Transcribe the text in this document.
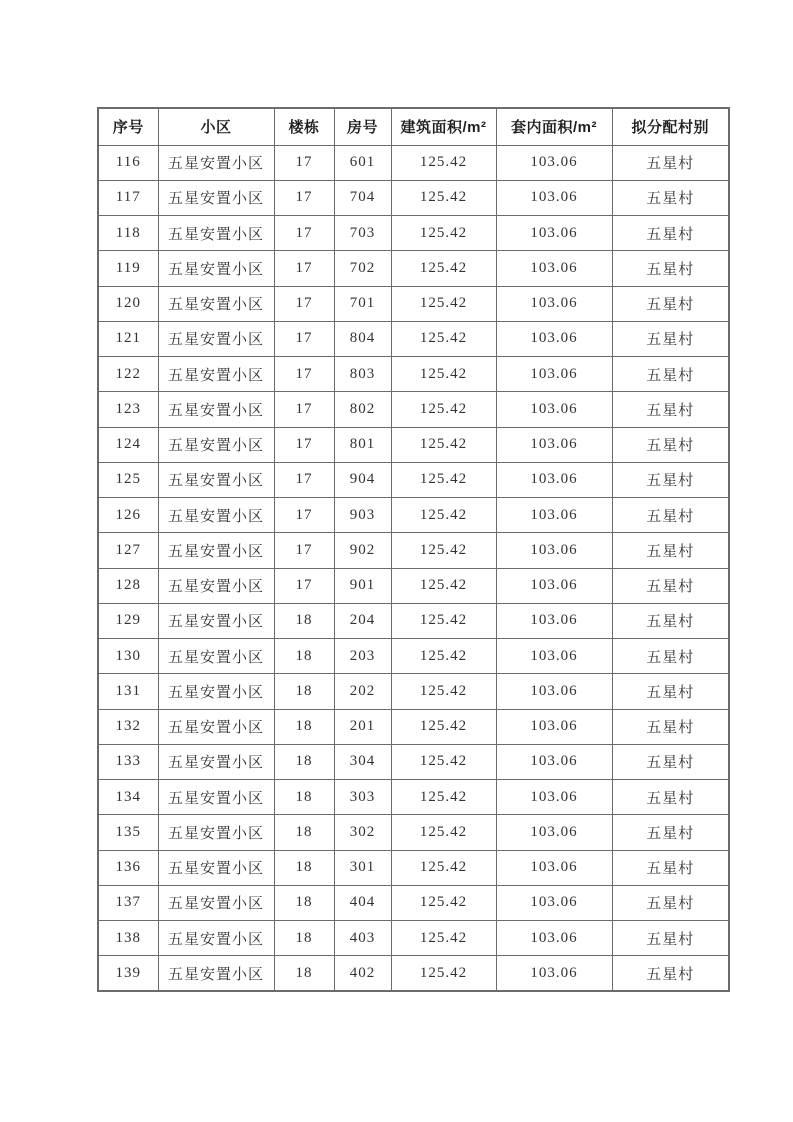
序号	小区	楼栋	房号	建筑面积/m²	套内面积/m²	拟分配村别
116	五星安置小区	17	601	125.42	103.06	五星村
117	五星安置小区	17	704	125.42	103.06	五星村
118	五星安置小区	17	703	125.42	103.06	五星村
119	五星安置小区	17	702	125.42	103.06	五星村
120	五星安置小区	17	701	125.42	103.06	五星村
121	五星安置小区	17	804	125.42	103.06	五星村
122	五星安置小区	17	803	125.42	103.06	五星村
123	五星安置小区	17	802	125.42	103.06	五星村
124	五星安置小区	17	801	125.42	103.06	五星村
125	五星安置小区	17	904	125.42	103.06	五星村
126	五星安置小区	17	903	125.42	103.06	五星村
127	五星安置小区	17	902	125.42	103.06	五星村
128	五星安置小区	17	901	125.42	103.06	五星村
129	五星安置小区	18	204	125.42	103.06	五星村
130	五星安置小区	18	203	125.42	103.06	五星村
131	五星安置小区	18	202	125.42	103.06	五星村
132	五星安置小区	18	201	125.42	103.06	五星村
133	五星安置小区	18	304	125.42	103.06	五星村
134	五星安置小区	18	303	125.42	103.06	五星村
135	五星安置小区	18	302	125.42	103.06	五星村
136	五星安置小区	18	301	125.42	103.06	五星村
137	五星安置小区	18	404	125.42	103.06	五星村
138	五星安置小区	18	403	125.42	103.06	五星村
139	五星安置小区	18	402	125.42	103.06	五星村
